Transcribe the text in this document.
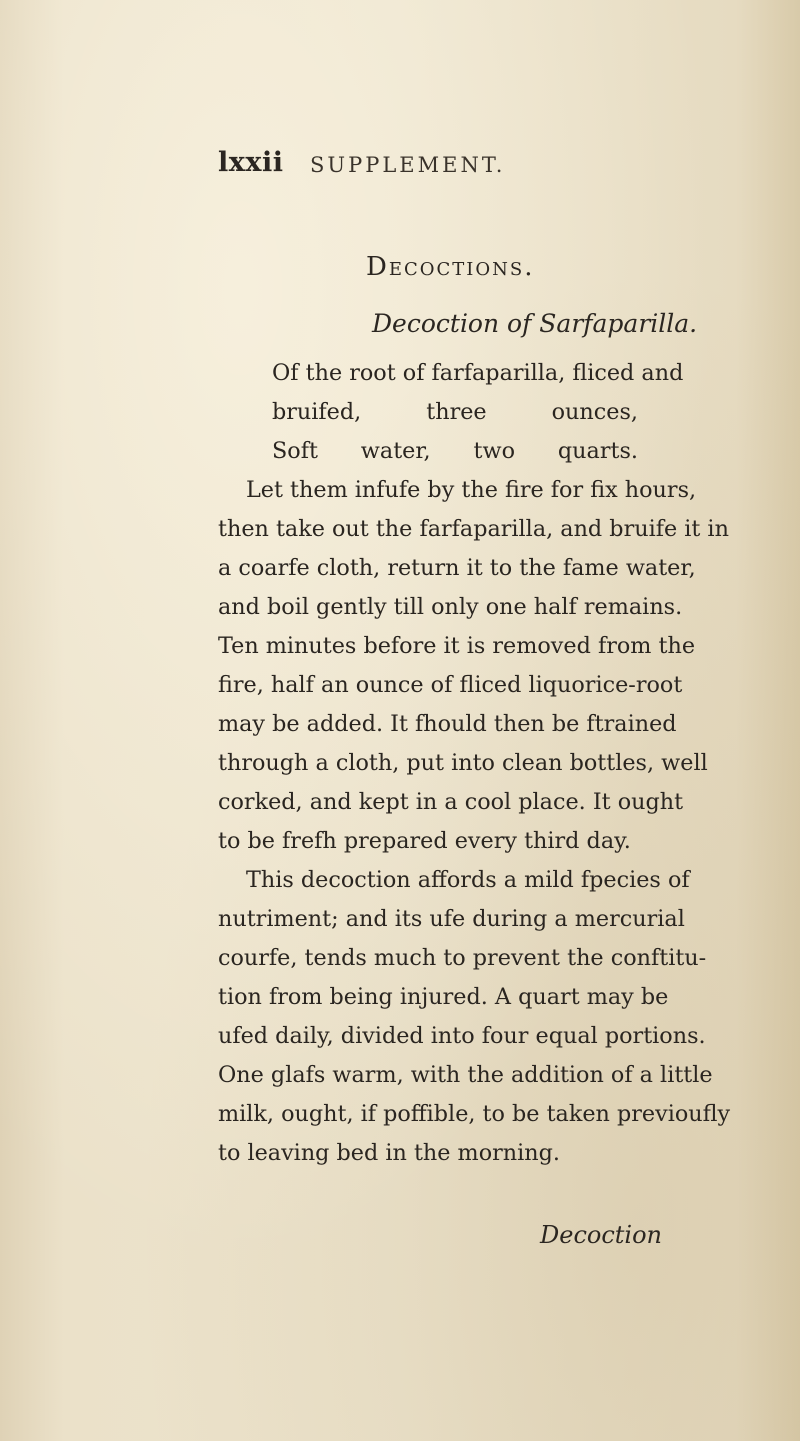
lxxii SUPPLEMENT.
Decoctions.
Decoction of Sarfaparilla.

Of the root of farfaparilla, fliced and
bruifed, three ounces,

Soft water, two quarts.

Let them infufe by the fire for fix hours,
then take out the farfaparilla, and bruife it in
a coarfe cloth, return it to the fame water,
and boil gently till only one half remains.
Ten minutes before it is removed from the
fire, half an ounce of fliced liquorice-root
may be added. It fhould then be ftrained
through a cloth, put into clean bottles, well
corked, and kept in a cool place. It ought
to be frefh prepared every third day.

This decoction affords a mild fpecies of
nutriment; and its ufe during a mercurial
courfe, tends much to prevent the conftitu-
tion from being injured. A quart may be
ufed daily, divided into four equal portions.
One glafs warm, with the addition of a little
milk, ought, if poffible, to be taken previoufly
to leaving bed in the morning.

Decoction
